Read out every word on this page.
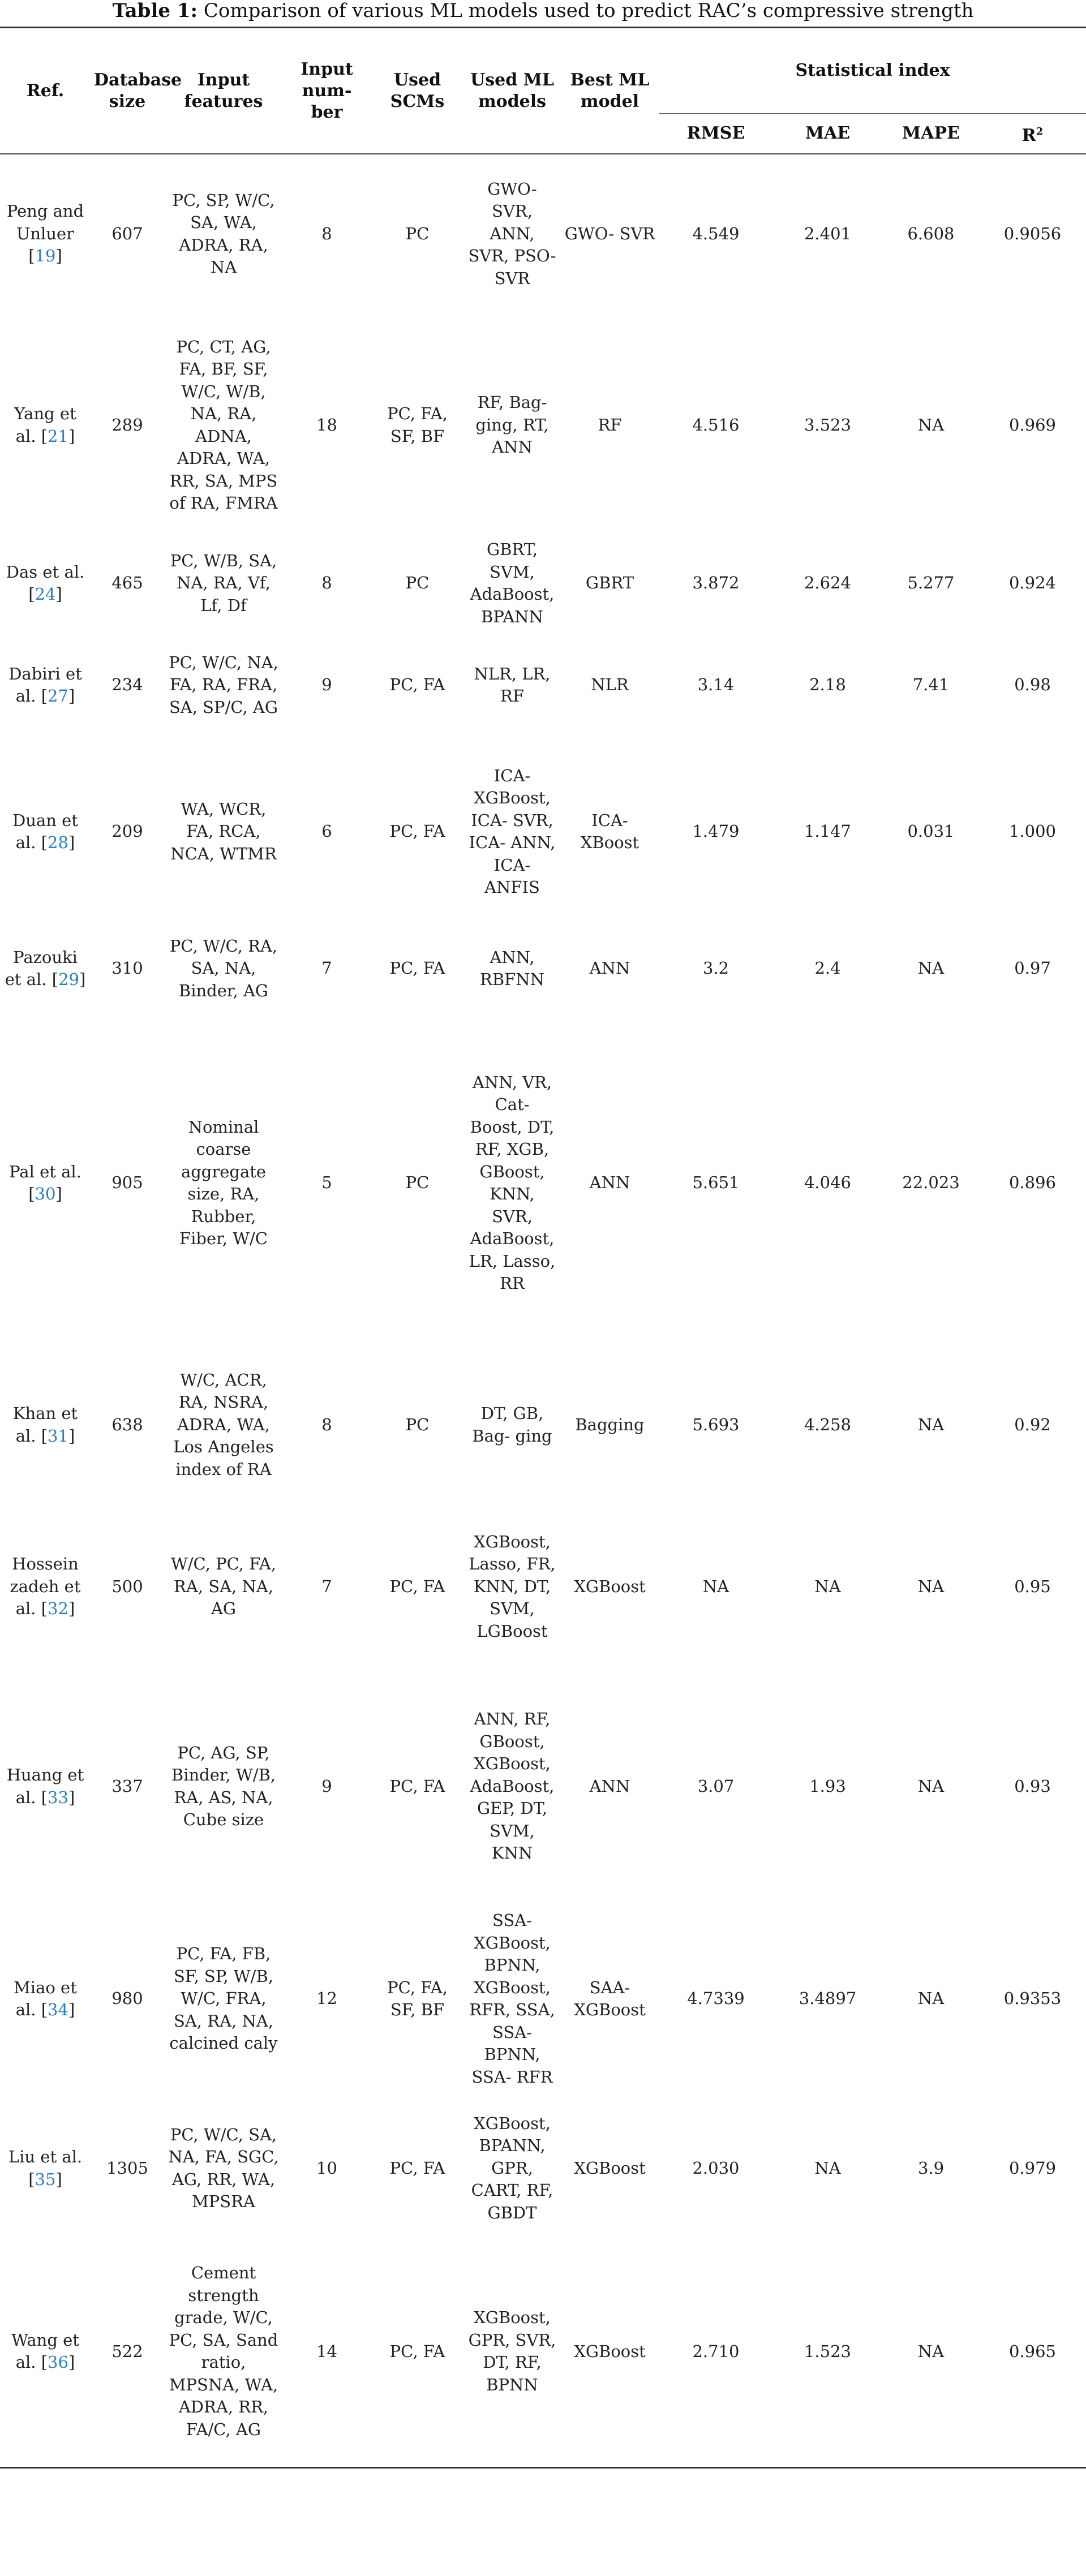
Table 1: Comparison of various ML models used to predict RAC’s compressive strength
Ref.	Database size	Input features	Input num- ber	Used SCMs	Used ML models	Best ML model	Statistical index			
							RMSE	MAE	MAPE	$R^2$
Peng and Unluer [19]	607	PC, SP, W/C, SA, WA, ADRA, RA, NA	8	PC	GWO- SVR, ANN, SVR, PSO- SVR	GWO- SVR	4.549	2.401	6.608	0.9056
Yang et al. [21]	289	PC, CT, AG, FA, BF, SF, W/C, W/B, NA, RA, ADNA, ADRA, WA, RR, SA, MPS of RA, FMRA	18	PC, FA, SF, BF	RF, Bag- ging, RT, ANN	RF	4.516	3.523	NA	0.969
Das et al. [24]	465	PC, W/B, SA, NA, RA, Vf, Lf, Df	8	PC	GBRT, SVM, AdaBoost, BPANN	GBRT	3.872	2.624	5.277	0.924
Dabiri et al. [27]	234	PC, W/C, NA, FA, RA, FRA, SA, SP/C, AG	9	PC, FA	NLR, LR, RF	NLR	3.14	2.18	7.41	0.98
Duan et al. [28]	209	WA, WCR, FA, RCA, NCA, WTMR	6	PC, FA	ICA- XGBoost, ICA- SVR, ICA- ANN, ICA- ANFIS	ICA- XBoost	1.479	1.147	0.031	1.000
Pazouki et al. [29]	310	PC, W/C, RA, SA, NA, Binder, AG	7	PC, FA	ANN, RBFNN	ANN	3.2	2.4	NA	0.97
Pal et al. [30]	905	Nominal coarse aggregate size, RA, Rubber, Fiber, W/C	5	PC	ANN, VR, Cat- Boost, DT, RF, XGB, GBoost, KNN, SVR, AdaBoost, LR, Lasso, RR	ANN	5.651	4.046	22.023	0.896
Khan et al. [31]	638	W/C, ACR, RA, NSRA, ADRA, WA, Los Angeles index of RA	8	PC	DT, GB, Bag- ging	Bagging	5.693	4.258	NA	0.92
Hossein zadeh et al. [32]	500	W/C, PC, FA, RA, SA, NA, AG	7	PC, FA	XGBoost, Lasso, FR, KNN, DT, SVM, LGBoost	XGBoost	NA	NA	NA	0.95
Huang et al. [33]	337	PC, AG, SP, Binder, W/B, RA, AS, NA, Cube size	9	PC, FA	ANN, RF, GBoost, XGBoost, AdaBoost, GEP, DT, SVM, KNN	ANN	3.07	1.93	NA	0.93
Miao et al. [34]	980	PC, FA, FB, SF, SP, W/B, W/C, FRA, SA, RA, NA, calcined caly	12	PC, FA, SF, BF	SSA- XGBoost, BPNN, XGBoost, RFR, SSA, SSA- BPNN, SSA- RFR	SAA- XGBoost	4.7339	3.4897	NA	0.9353
Liu et al. [35]	1305	PC, W/C, SA, NA, FA, SGC, AG, RR, WA, MPSRA	10	PC, FA	XGBoost, BPANN, GPR, CART, RF, GBDT	XGBoost	2.030	NA	3.9	0.979
Wang et al. [36]	522	Cement strength grade, W/C, PC, SA, Sand ratio, MPSNA, WA, ADRA, RR, FA/C, AG	14	PC, FA	XGBoost, GPR, SVR, DT, RF, BPNN	XGBoost	2.710	1.523	NA	0.965
